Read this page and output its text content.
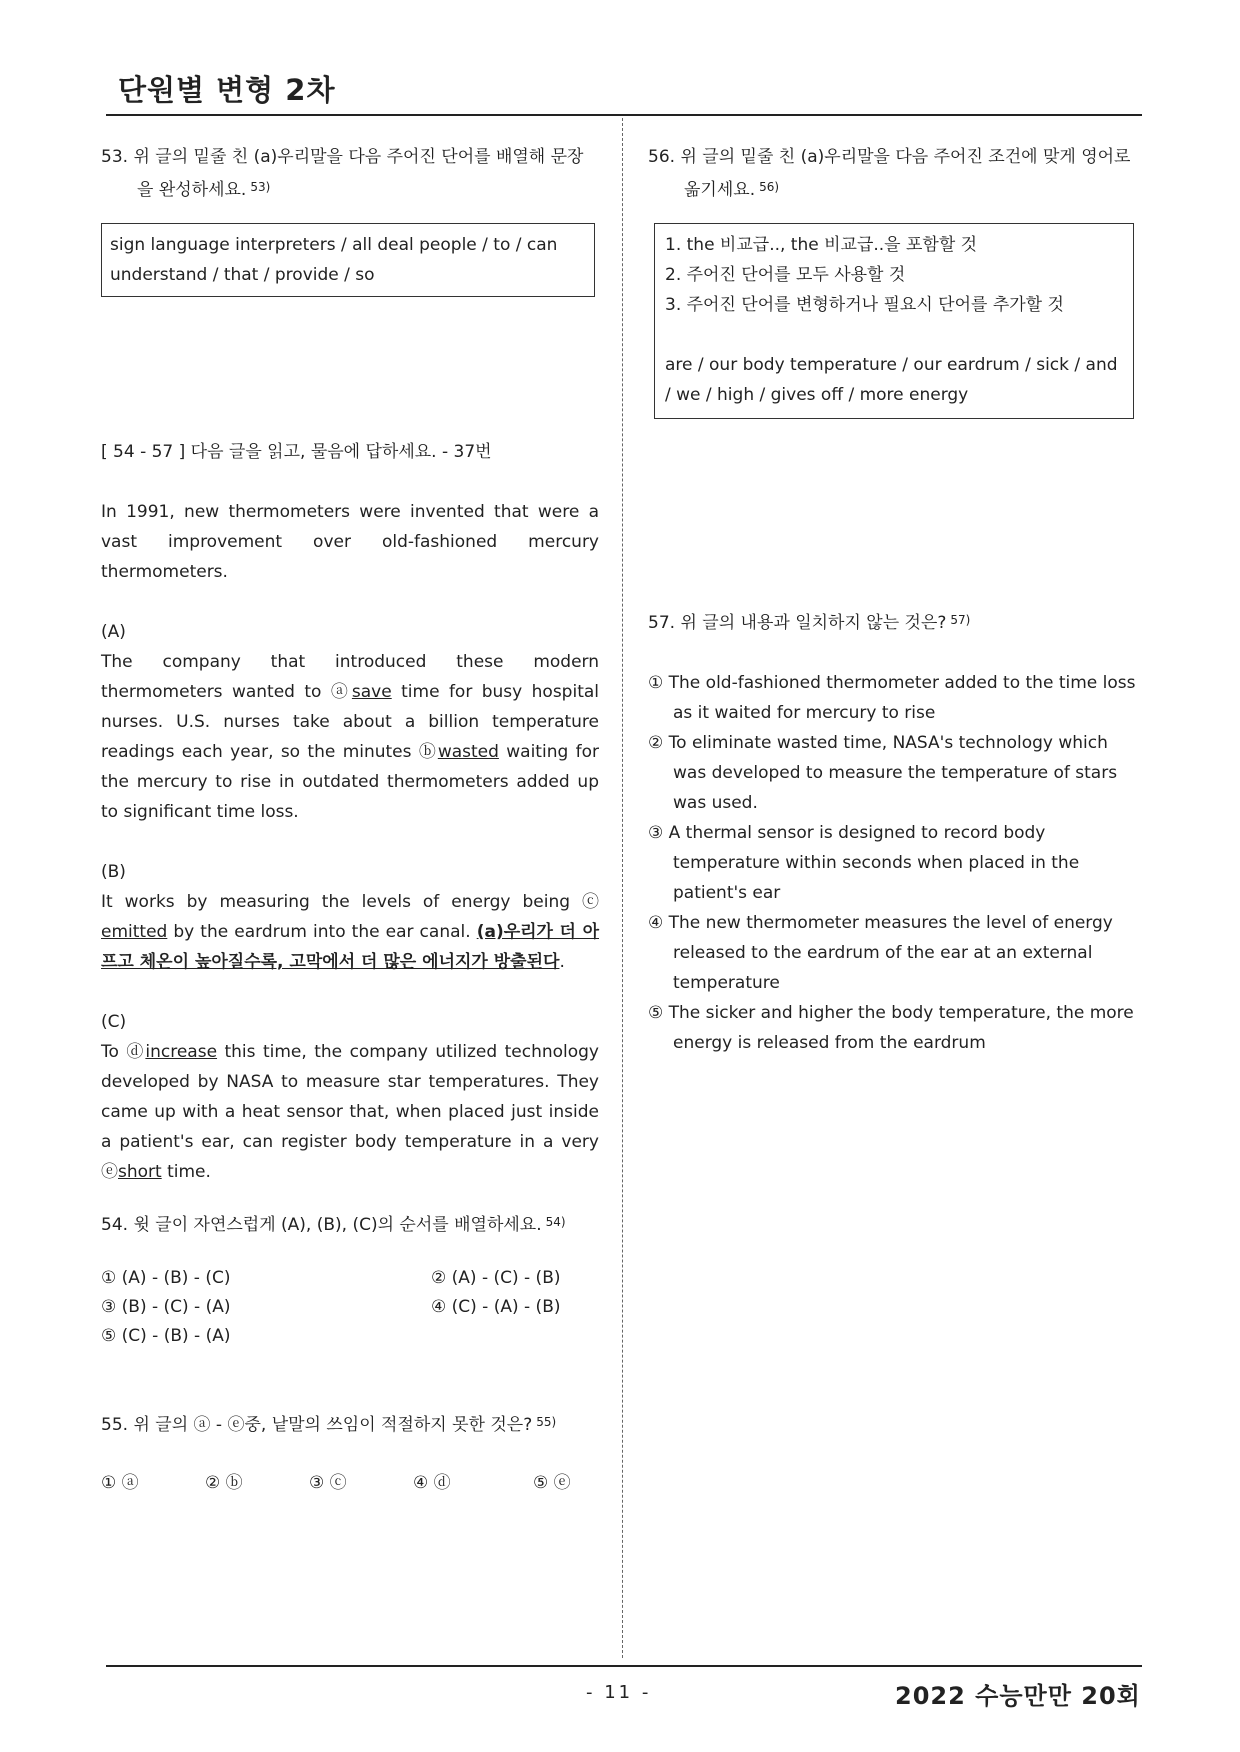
단원별 변형 2차

53. 위 글의 밑줄 친 (a)우리말을 다음 주어진 단어를 배열해 문장을 완성하세요. $^{53)}$

sign language interpreters / all deal people / to / can understand / that / provide / so

[ 54 - 57 ] 다음 글을 읽고, 물음에 답하세요. - 37번

In 1991, new thermometers were invented that were a vast improvement over old-fashioned mercury thermometers.

(A)

The company that introduced these modern thermometers wanted to ⓐsave time for busy hospital nurses. U.S. nurses take about a billion temperature readings each year, so the minutes ⓑwasted waiting for the mercury to rise in outdated thermometers added up to significant time loss.

(B)

It works by measuring the levels of energy being ⓒ emitted by the eardrum into the ear canal. (a)우리가 더 아프고 체온이 높아질수록, 고막에서 더 많은 에너지가 방출된다.

(C)

To ⓓincrease this time, the company utilized technology developed by NASA to measure star temperatures. They came up with a heat sensor that, when placed just inside a patient's ear, can register body temperature in a very ⓔshort time.

54. 윗 글이 자연스럽게 (A), (B), (C)의 순서를 배열하세요. $^{54)}$

① (A) - (B) - (C)	② (A) - (C) - (B)
③ (B) - (C) - (A)	④ (C) - (A) - (B)
⑤ (C) - (B) - (A)

55. 위 글의 ⓐ - ⓔ중, 낱말의 쓰임이 적절하지 못한 것은? $^{55)}$

① ⓐ	② ⓑ	③ ⓒ	④ ⓓ	⑤ ⓔ

56. 위 글의 밑줄 친 (a)우리말을 다음 주어진 조건에 맞게 영어로 옮기세요. $^{56)}$

1. the 비교급.., the 비교급..을 포함할 것

2. 주어진 단어를 모두 사용할 것

3. 주어진 단어를 변형하거나 필요시 단어를 추가할 것

are / our body temperature / our eardrum / sick / and / we / high / gives off / more energy

57. 위 글의 내용과 일치하지 않는 것은? $^{57)}$

① The old-fashioned thermometer added to the time loss as it waited for mercury to rise

② To eliminate wasted time, NASA's technology which was developed to measure the temperature of stars was used.

③ A thermal sensor is designed to record body temperature within seconds when placed in the patient's ear

④ The new thermometer measures the level of energy released to the eardrum of the ear at an external temperature

⑤ The sicker and higher the body temperature, the more energy is released from the eardrum

- 11 -	2022 수능만만 20회
